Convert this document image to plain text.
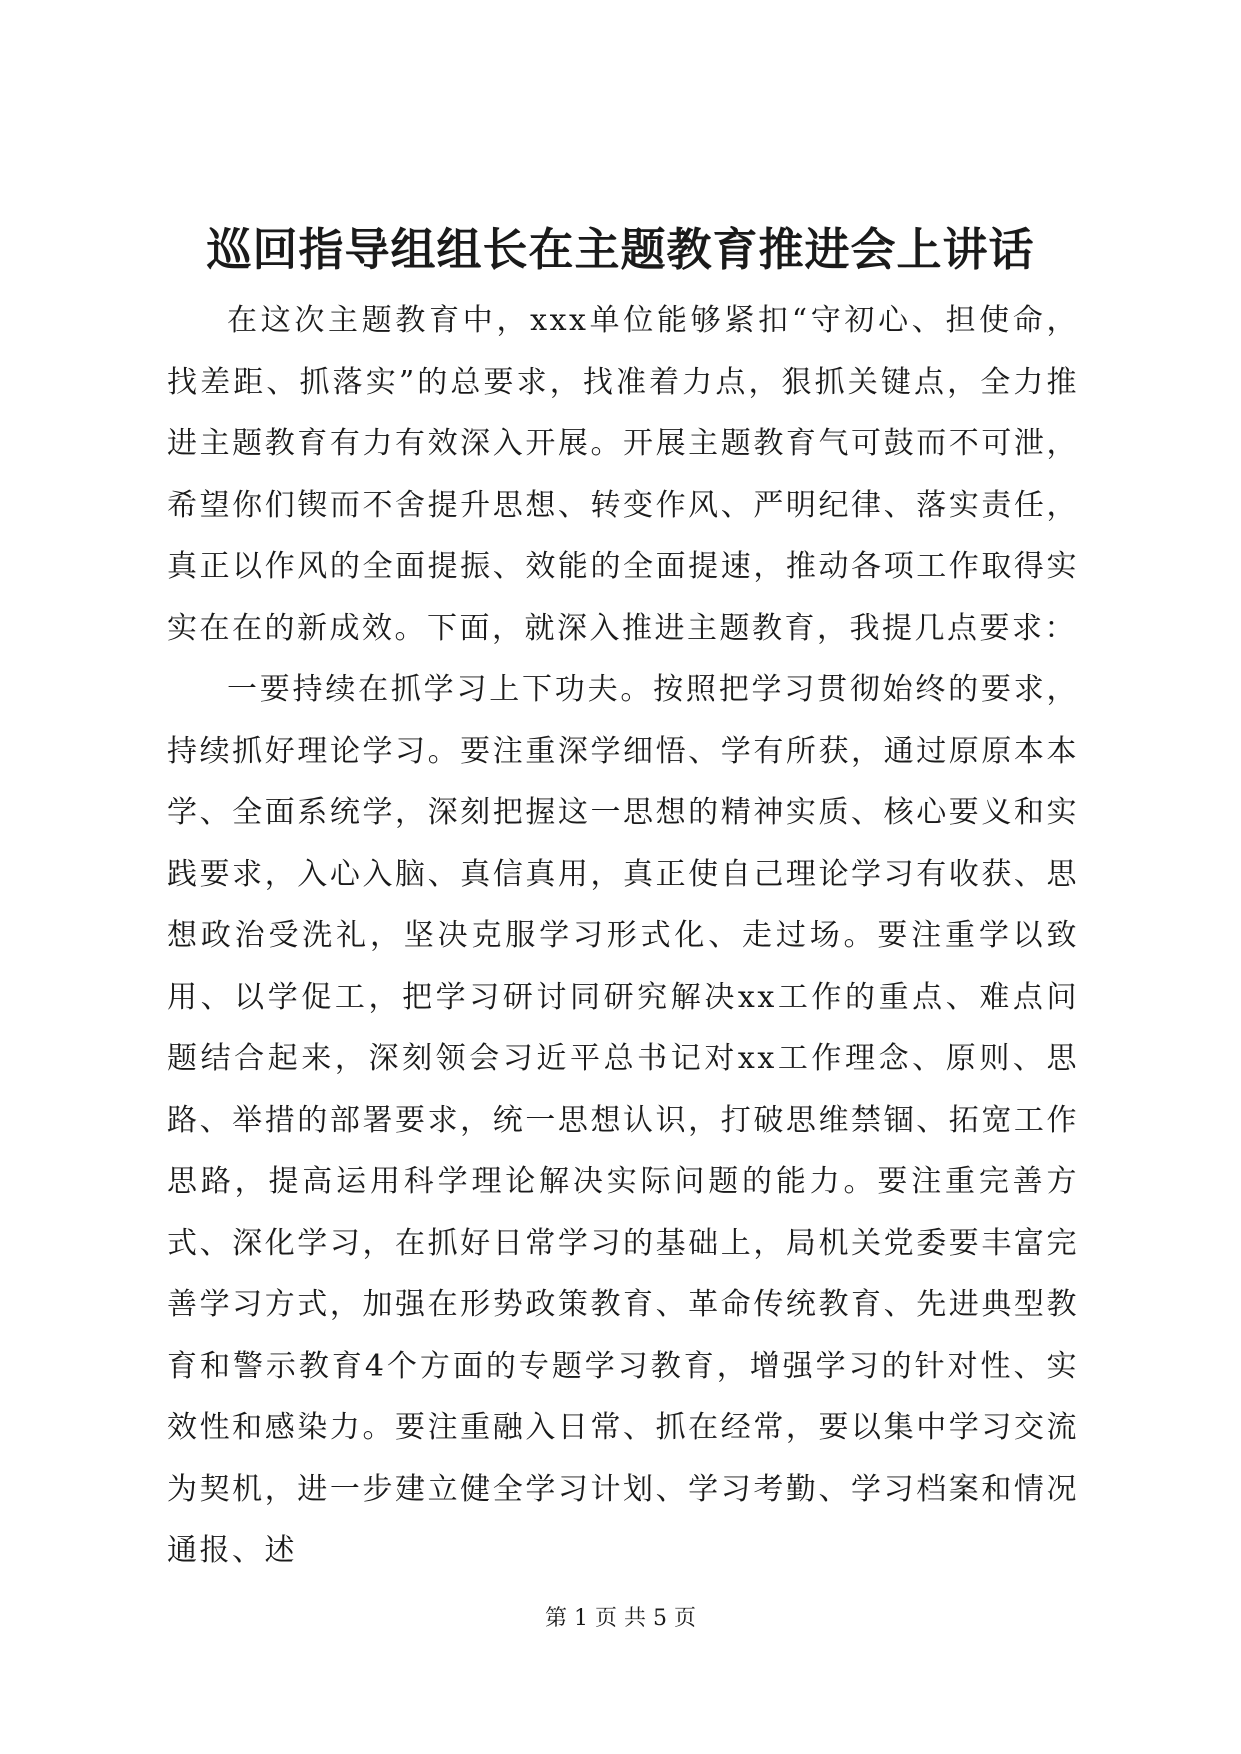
巡回指导组组长在主题教育推进会上讲话

在这次主题教育中，xxx单位能够紧扣“守初心、担使命，找差距、抓落实”的总要求，找准着力点，狠抓关键点，全力推进主题教育有力有效深入开展。开展主题教育气可鼓而不可泄，希望你们锲而不舍提升思想、转变作风、严明纪律、落实责任，真正以作风的全面提振、效能的全面提速，推动各项工作取得实实在在的新成效。下面，就深入推进主题教育，我提几点要求：

一要持续在抓学习上下功夫。按照把学习贯彻始终的要求，持续抓好理论学习。要注重深学细悟、学有所获，通过原原本本学、全面系统学，深刻把握这一思想的精神实质、核心要义和实践要求，入心入脑、真信真用，真正使自己理论学习有收获、思想政治受洗礼，坚决克服学习形式化、走过场。要注重学以致用、以学促工，把学习研讨同研究解决xx工作的重点、难点问题结合起来，深刻领会习近平总书记对xx工作理念、原则、思路、举措的部署要求，统一思想认识，打破思维禁锢、拓宽工作思路，提高运用科学理论解决实际问题的能力。要注重完善方式、深化学习，在抓好日常学习的基础上，局机关党委要丰富完善学习方式，加强在形势政策教育、革命传统教育、先进典型教育和警示教育4个方面的专题学习教育，增强学习的针对性、实效性和感染力。要注重融入日常、抓在经常，要以集中学习交流为契机，进一步建立健全学习计划、学习考勤、学习档案和情况通报、述

第 1 页 共 5 页
